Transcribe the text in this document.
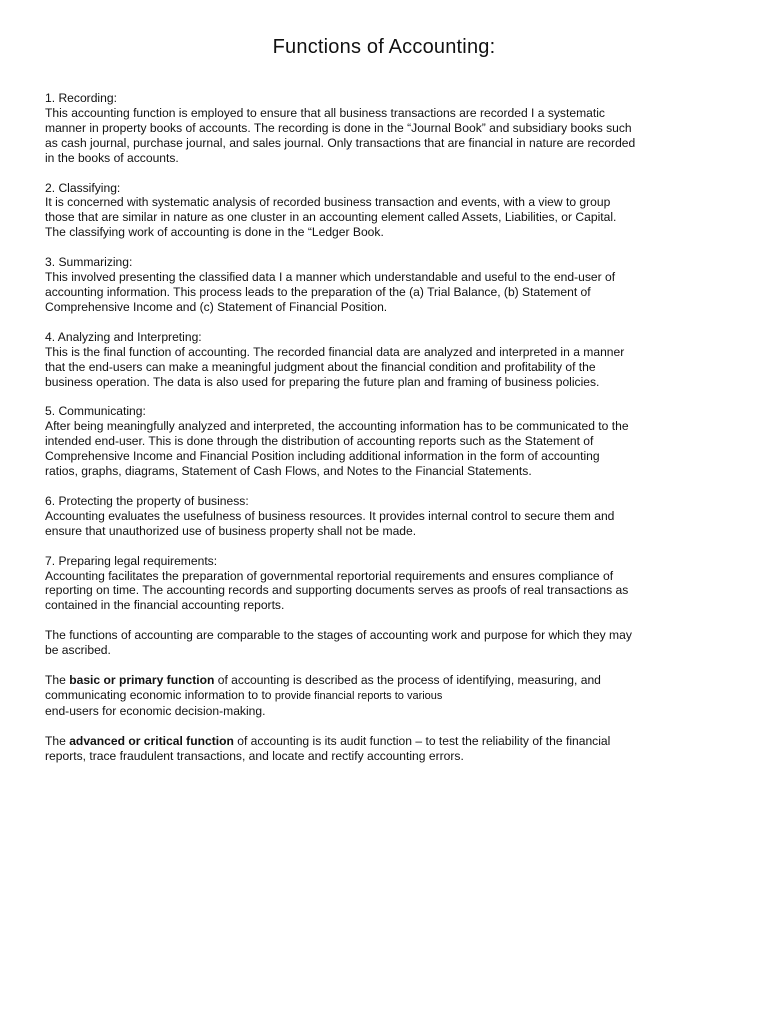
Functions of Accounting:
1. Recording:
This accounting function is employed to ensure that all business transactions are recorded I a systematic
manner in property books of accounts. The recording is done in the “Journal Book” and subsidiary books such
as cash journal, purchase journal, and sales journal. Only transactions that are financial in nature are recorded
in the books of accounts.
2. Classifying:
It is concerned with systematic analysis of recorded business transaction and events, with a view to group
those that are similar in nature as one cluster in an accounting element called Assets, Liabilities, or Capital.
The classifying work of accounting is done in the “Ledger Book.
3. Summarizing:
This involved presenting the classified data I a manner which understandable and useful to the end-user of
accounting information. This process leads to the preparation of the (a) Trial Balance, (b) Statement of
Comprehensive Income and (c) Statement of Financial Position.
4. Analyzing and Interpreting:
This is the final function of accounting. The recorded financial data are analyzed and interpreted in a manner
that the end-users can make a meaningful judgment about the financial condition and profitability of the
business operation. The data is also used for preparing the future plan and framing of business policies.
5. Communicating:
After being meaningfully analyzed and interpreted, the accounting information has to be communicated to the
intended end-user. This is done through the distribution of accounting reports such as the Statement of
Comprehensive Income and Financial Position including additional information in the form of accounting
ratios, graphs, diagrams, Statement of Cash Flows, and Notes to the Financial Statements.
6. Protecting the property of business:
Accounting evaluates the usefulness of business resources. It provides internal control to secure them and
ensure that unauthorized use of business property shall not be made.
7. Preparing legal requirements:
Accounting facilitates the preparation of governmental reportorial requirements and ensures compliance of
reporting on time. The accounting records and supporting documents serves as proofs of real transactions as
contained in the financial accounting reports.
The functions of accounting are comparable to the stages of accounting work and purpose for which they may
be ascribed.
The basic or primary function of accounting is described as the process of identifying, measuring, and
communicating economic information to to provide financial reports to various
end-users for economic decision-making.
The advanced or critical function of accounting is its audit function – to test the reliability of the financial
reports, trace fraudulent transactions, and locate and rectify accounting errors.
